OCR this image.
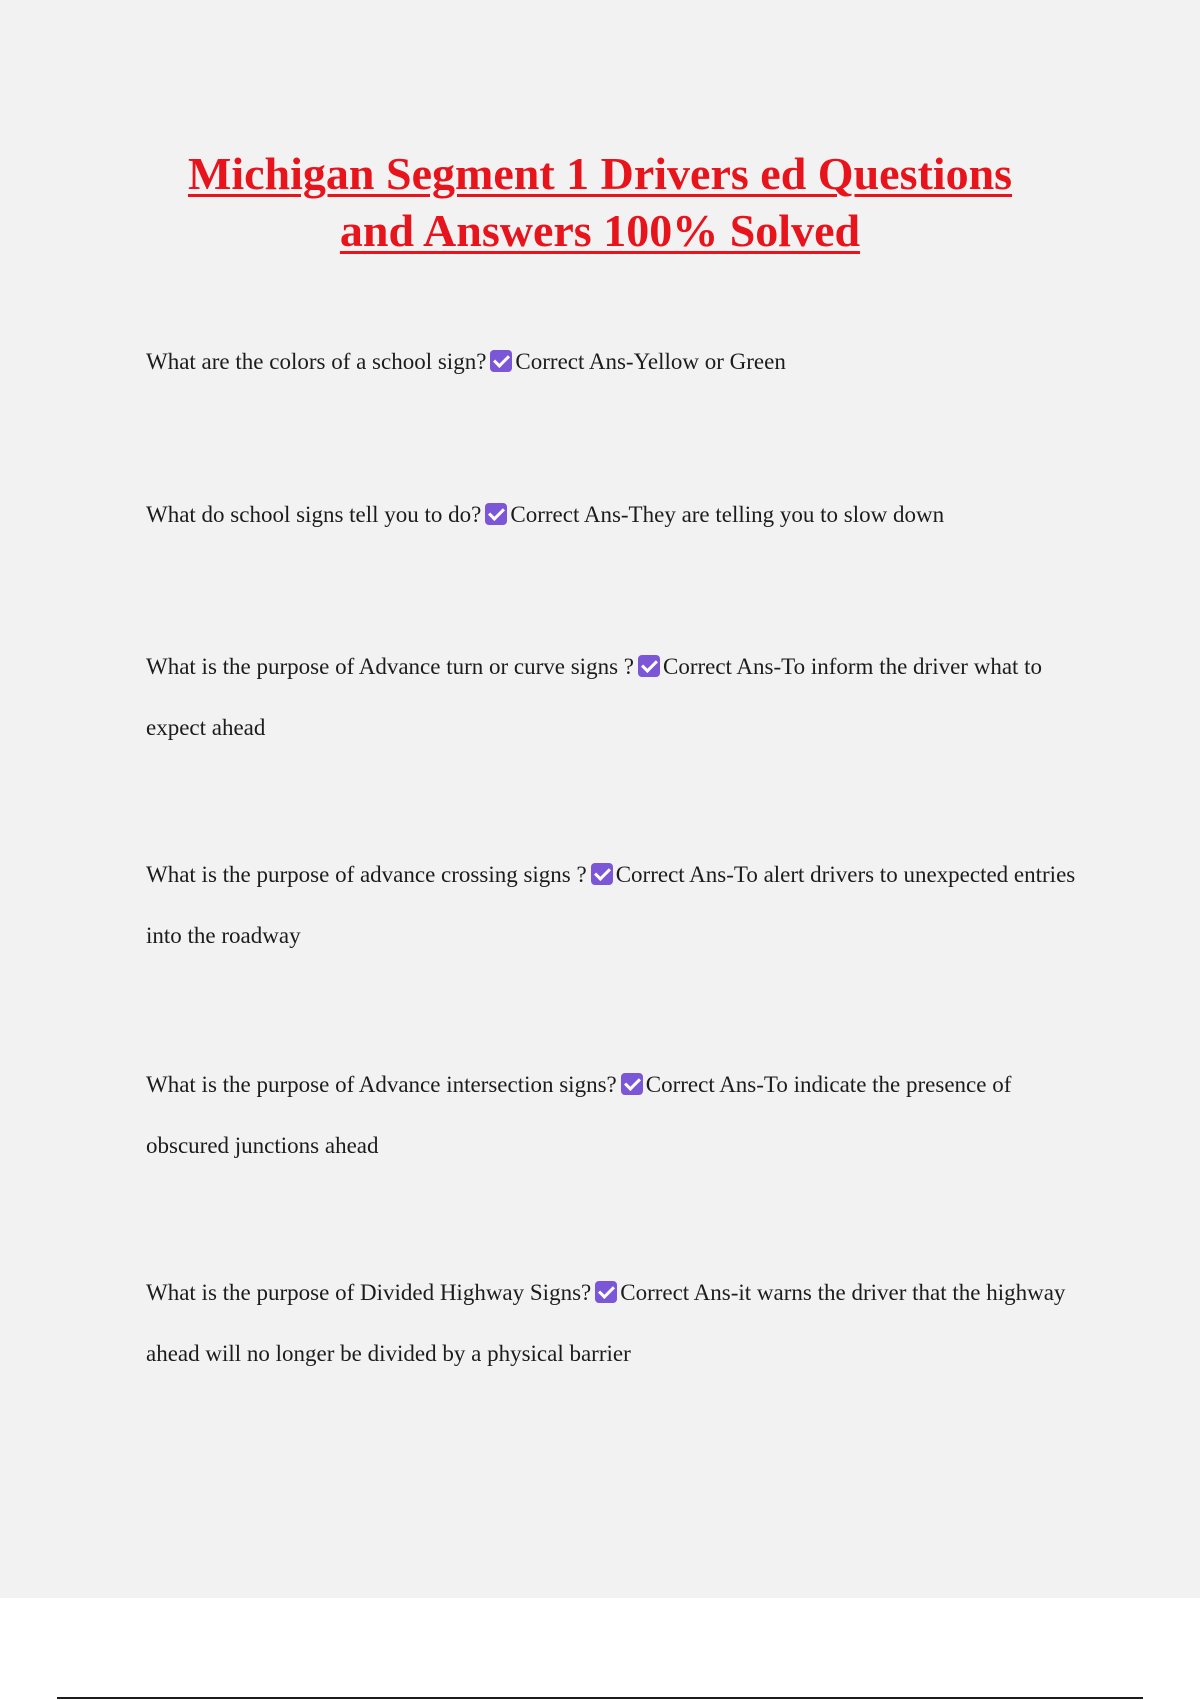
Michigan Segment 1 Drivers ed Questions
and Answers 100% Solved

What are the colors of a school sign? Correct Ans-Yellow or Green

What do school signs tell you to do? Correct Ans-They are telling you to slow down

What is the purpose of Advance turn or curve signs ? Correct Ans-To inform the driver what to expect ahead

What is the purpose of advance crossing signs ? Correct Ans-To alert drivers to unexpected entries into the roadway

What is the purpose of Advance intersection signs? Correct Ans-To indicate the presence of obscured junctions ahead

What is the purpose of Divided Highway Signs? Correct Ans-it warns the driver that the highway ahead will no longer be divided by a physical barrier
